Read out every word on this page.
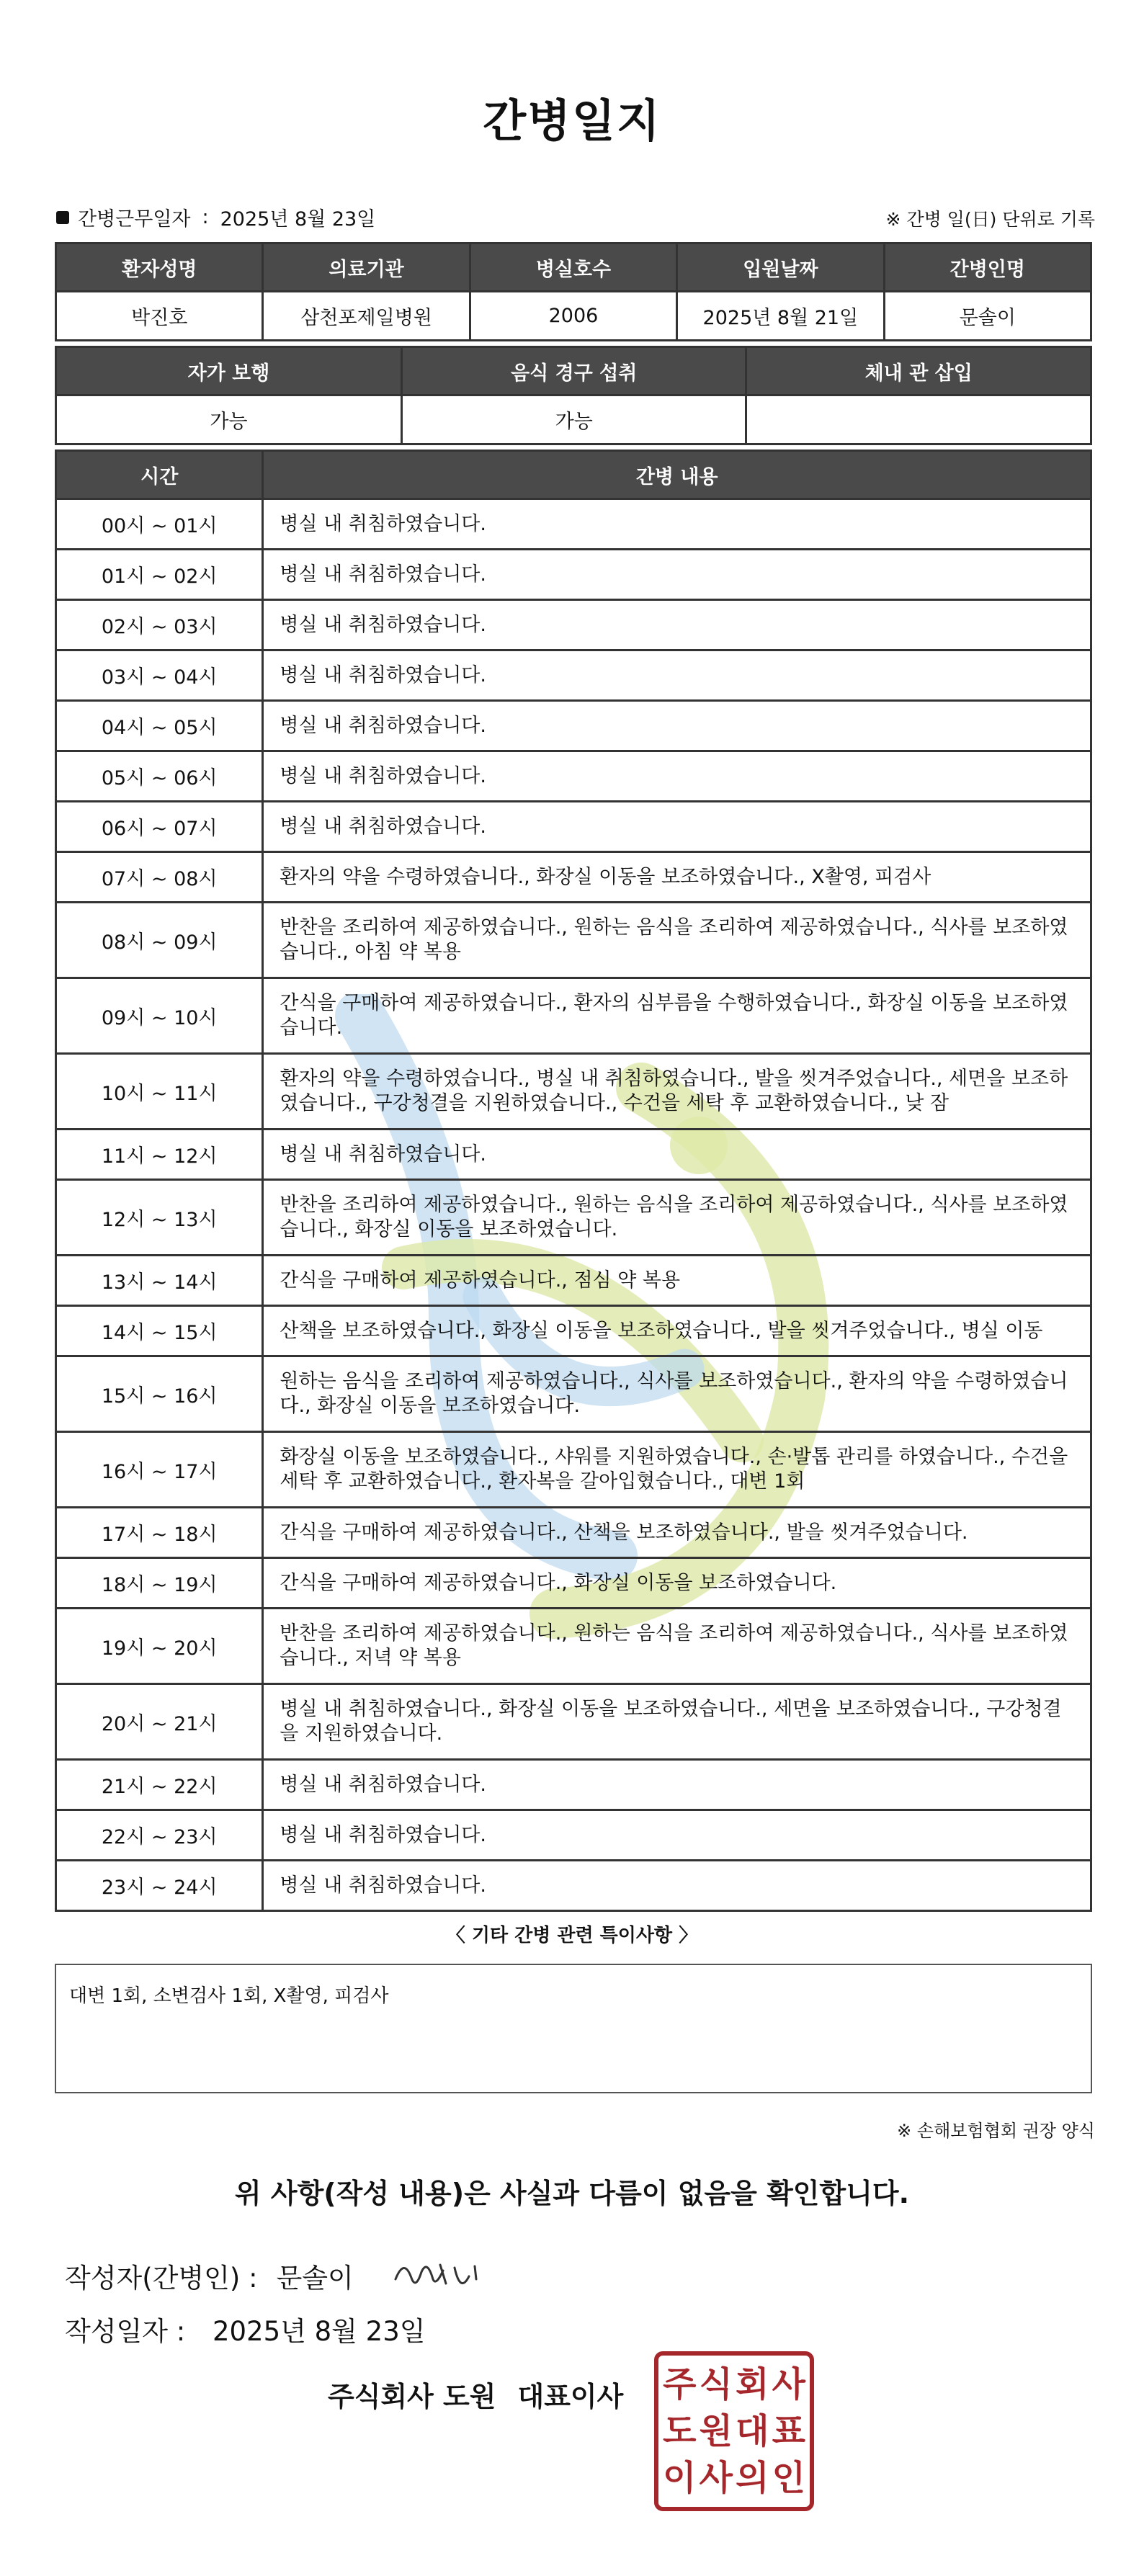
간병일지
간병근무일자 : 2025년 8월 23일	※ 간병 일(日) 단위로 기록
환자성명	의료기관	병실호수	입원날짜	간병인명
박진호	삼천포제일병원	2006	2025년 8월 21일	문솔이
자가 보행	음식 경구 섭취	체내 관 삽입
가능	가능	
시간	간병 내용
00시 ~ 01시	병실 내 취침하였습니다.
01시 ~ 02시	병실 내 취침하였습니다.
02시 ~ 03시	병실 내 취침하였습니다.
03시 ~ 04시	병실 내 취침하였습니다.
04시 ~ 05시	병실 내 취침하였습니다.
05시 ~ 06시	병실 내 취침하였습니다.
06시 ~ 07시	병실 내 취침하였습니다.
07시 ~ 08시	환자의 약을 수령하였습니다., 화장실 이동을 보조하였습니다., X촬영, 피검사
08시 ~ 09시	반찬을 조리하여 제공하였습니다., 원하는 음식을 조리하여 제공하였습니다., 식사를 보조하였습니다., 아침 약 복용
09시 ~ 10시	간식을 구매하여 제공하였습니다., 환자의 심부름을 수행하였습니다., 화장실 이동을 보조하였습니다.
10시 ~ 11시	환자의 약을 수령하였습니다., 병실 내 취침하였습니다., 발을 씻겨주었습니다., 세면을 보조하였습니다., 구강청결을 지원하였습니다., 수건을 세탁 후 교환하였습니다., 낮 잠
11시 ~ 12시	병실 내 취침하였습니다.
12시 ~ 13시	반찬을 조리하여 제공하였습니다., 원하는 음식을 조리하여 제공하였습니다., 식사를 보조하였습니다., 화장실 이동을 보조하였습니다.
13시 ~ 14시	간식을 구매하여 제공하였습니다., 점심 약 복용
14시 ~ 15시	산책을 보조하였습니다., 화장실 이동을 보조하였습니다., 발을 씻겨주었습니다., 병실 이동
15시 ~ 16시	원하는 음식을 조리하여 제공하였습니다., 식사를 보조하였습니다., 환자의 약을 수령하였습니다., 화장실 이동을 보조하였습니다.
16시 ~ 17시	화장실 이동을 보조하였습니다., 샤워를 지원하였습니다., 손·발톱 관리를 하였습니다., 수건을 세탁 후 교환하였습니다., 환자복을 갈아입혔습니다., 대변 1회
17시 ~ 18시	간식을 구매하여 제공하였습니다., 산책을 보조하였습니다., 발을 씻겨주었습니다.
18시 ~ 19시	간식을 구매하여 제공하였습니다., 화장실 이동을 보조하였습니다.
19시 ~ 20시	반찬을 조리하여 제공하였습니다., 원하는 음식을 조리하여 제공하였습니다., 식사를 보조하였습니다., 저녁 약 복용
20시 ~ 21시	병실 내 취침하였습니다., 화장실 이동을 보조하였습니다., 세면을 보조하였습니다., 구강청결을 지원하였습니다.
21시 ~ 22시	병실 내 취침하였습니다.
22시 ~ 23시	병실 내 취침하였습니다.
23시 ~ 24시	병실 내 취침하였습니다.
〈 기타 간병 관련 특이사항 〉
대변 1회, 소변검사 1회, X촬영, 피검사
※ 손해보험협회 권장 양식
위 사항(작성 내용)은 사실과 다름이 없음을 확인합니다.
작성자(간병인) : 문솔이
작성일자 : 2025년 8월 23일
주식회사 도원 대표이사 주 식 회 사
도 원 대 표
이 사 의 인
